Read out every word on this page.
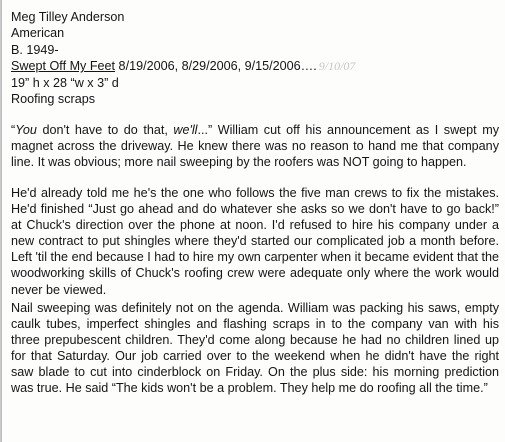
Meg Tilley Anderson
American
B. 1949-
Swept Off My Feet 8/19/2006, 8/29/2006, 9/15/2006…. 9/10/07
19” h x 28 “w x 3” d
Roofing scraps

“You don't have to do that, we'll...” William cut off his announcement as I swept my magnet across the driveway. He knew there was no reason to hand me that company line. It was obvious; more nail sweeping by the roofers was NOT going to happen.

He'd already told me he's the one who follows the five man crews to fix the mistakes. He'd finished “Just go ahead and do whatever she asks so we don't have to go back!” at Chuck's direction over the phone at noon. I'd refused to hire his company under a new contract to put shingles where they'd started our complicated job a month before. Left 'til the end because I had to hire my own carpenter when it became evident that the woodworking skills of Chuck's roofing crew were adequate only where the work would never be viewed.

Nail sweeping was definitely not on the agenda. William was packing his saws, empty caulk tubes, imperfect shingles and flashing scraps in to the company van with his three prepubescent children. They'd come along because he had no children lined up for that Saturday. Our job carried over to the weekend when he didn't have the right saw blade to cut into cinderblock on Friday. On the plus side: his morning prediction was true. He said “The kids won't be a problem. They help me do roofing all the time.”
